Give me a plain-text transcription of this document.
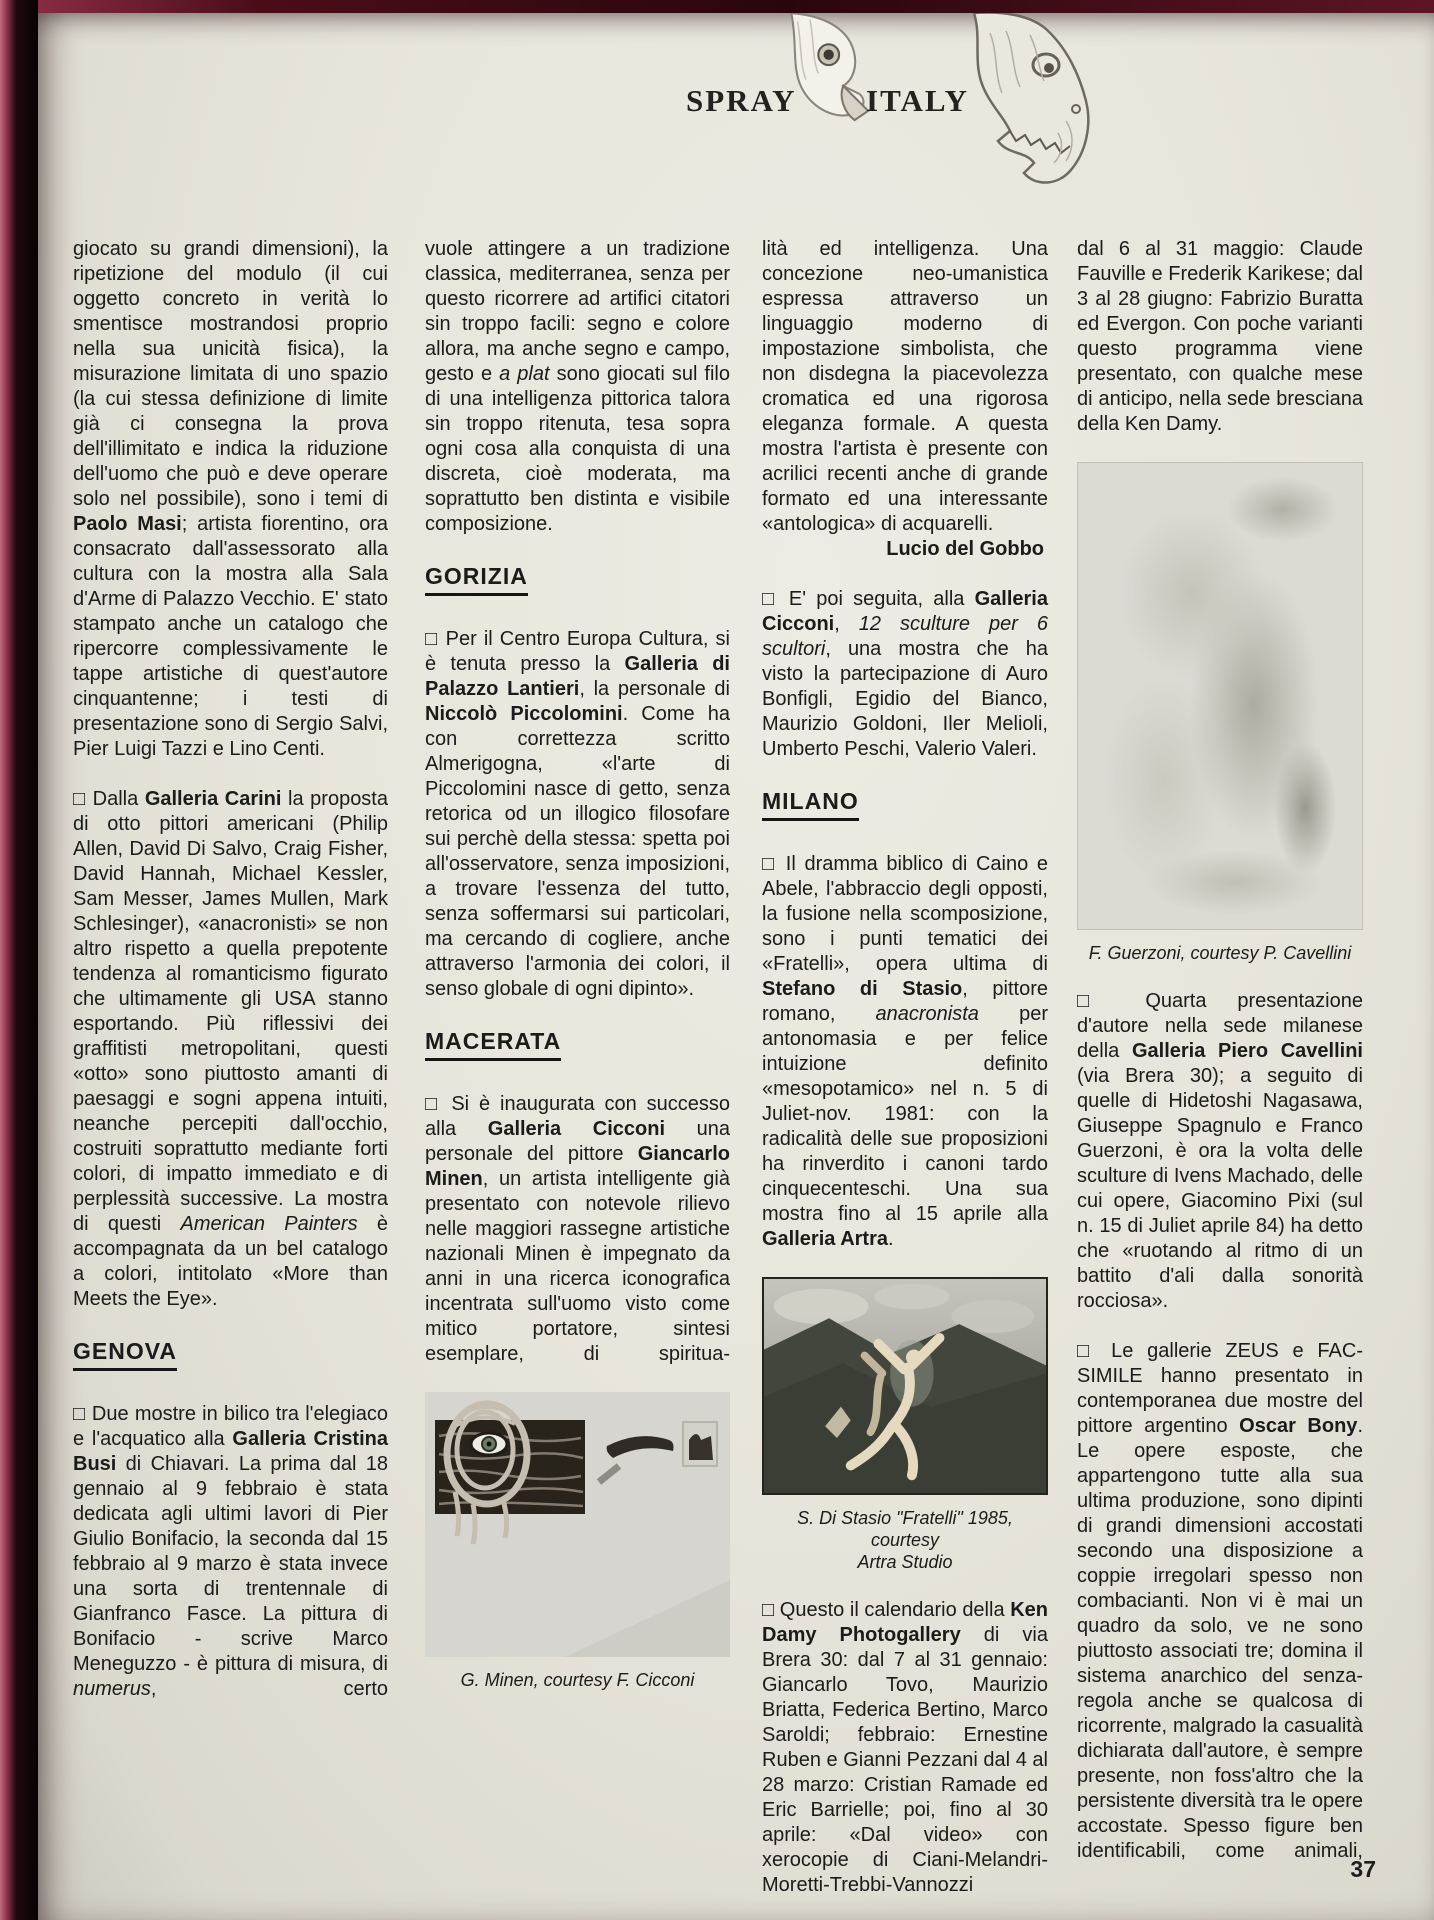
SPRAY ITALY

giocato su grandi dimensioni), la ripetizione del modulo (il cui oggetto concreto in verità lo smentisce mostrandosi proprio nella sua unicità fisica), la misurazione limitata di uno spazio (la cui stessa definizione di limite già ci consegna la prova dell'illimitato e indica la riduzione dell'uomo che può e deve operare solo nel possibile), sono i temi di Paolo Masi; artista fiorentino, ora consacrato dall'assessorato alla cultura con la mostra alla Sala d'Arme di Palazzo Vecchio. E' stato stampato anche un catalogo che ripercorre complessivamente le tappe artistiche di quest'autore cinquantenne; i testi di presentazione sono di Sergio Salvi, Pier Luigi Tazzi e Lino Centi.

□ Dalla Galleria Carini la proposta di otto pittori americani (Philip Allen, David Di Salvo, Craig Fisher, David Hannah, Michael Kessler, Sam Messer, James Mullen, Mark Schlesinger), «anacronisti» se non altro rispetto a quella prepotente tendenza al romanticismo figurato che ultimamente gli USA stanno esportando. Più riflessivi dei graffitisti metropolitani, questi «otto» sono piuttosto amanti di paesaggi e sogni appena intuiti, neanche percepiti dall'occhio, costruiti soprattutto mediante forti colori, di impatto immediato e di perplessità successive. La mostra di questi American Painters è accompagnata da un bel catalogo a colori, intitolato «More than Meets the Eye».

GENOVA

□ Due mostre in bilico tra l'elegiaco e l'acquatico alla Galleria Cristina Busi di Chiavari. La prima dal 18 gennaio al 9 febbraio è stata dedicata agli ultimi lavori di Pier Giulio Bonifacio, la seconda dal 15 febbraio al 9 marzo è stata invece una sorta di trentennale di Gianfranco Fasce. La pittura di Bonifacio - scrive Marco Meneguzzo - è pittura di misura, di numerus, certo

vuole attingere a un tradizione classica, mediterranea, senza per questo ricorrere ad artifici citatori sin troppo facili: segno e colore allora, ma anche segno e campo, gesto e a plat sono giocati sul filo di una intelligenza pittorica talora sin troppo ritenuta, tesa sopra ogni cosa alla conquista di una discreta, cioè moderata, ma soprattutto ben distinta e visibile composizione.

GORIZIA

□ Per il Centro Europa Cultura, si è tenuta presso la Galleria di Palazzo Lantieri, la personale di Niccolò Piccolomini. Come ha con correttezza scritto Almerigogna, «l'arte di Piccolomini nasce di getto, senza retorica od un illogico filosofare sui perchè della stessa: spetta poi all'osservatore, senza imposizioni, a trovare l'essenza del tutto, senza soffermarsi sui particolari, ma cercando di cogliere, anche attraverso l'armonia dei colori, il senso globale di ogni dipinto».

MACERATA

□ Si è inaugurata con successo alla Galleria Cicconi una personale del pittore Giancarlo Minen, un artista intelligente già presentato con notevole rilievo nelle maggiori rassegne artistiche nazionali Minen è impegnato da anni in una ricerca iconografica incentrata sull'uomo visto come mitico portatore, sintesi esemplare, di spiritua-

G. Minen, courtesy F. Cicconi

lità ed intelligenza. Una concezione neo-umanistica espressa attraverso un linguaggio moderno di impostazione simbolista, che non disdegna la piacevolezza cromatica ed una rigorosa eleganza formale. A questa mostra l'artista è presente con acrilici recenti anche di grande formato ed una interessante «antologica» di acquarelli.

Lucio del Gobbo

□ E' poi seguita, alla Galleria Cicconi, 12 sculture per 6 scultori, una mostra che ha visto la partecipazione di Auro Bonfigli, Egidio del Bianco, Maurizio Goldoni, Iler Melioli, Umberto Peschi, Valerio Valeri.

MILANO

□ Il dramma biblico di Caino e Abele, l'abbraccio degli opposti, la fusione nella scomposizione, sono i punti tematici dei «Fratelli», opera ultima di Stefano di Stasio, pittore romano, anacronista per antonomasia e per felice intuizione definito «mesopotamico» nel n. 5 di Juliet-nov. 1981: con la radicalità delle sue proposizioni ha rinverdito i canoni tardo cinquecenteschi. Una sua mostra fino al 15 aprile alla Galleria Artra.

S. Di Stasio "Fratelli" 1985, courtesy
Artra Studio

□ Questo il calendario della Ken Damy Photogallery di via Brera 30: dal 7 al 31 gennaio: Giancarlo Tovo, Maurizio Briatta, Federica Bertino, Marco Saroldi; febbraio: Ernestine Ruben e Gianni Pezzani dal 4 al 28 marzo: Cristian Ramade ed Eric Barrielle; poi, fino al 30 aprile: «Dal video» con xerocopie di Ciani-Melandri-Moretti-Trebbi-Vannozzi

dal 6 al 31 maggio: Claude Fauville e Frederik Karikese; dal 3 al 28 giugno: Fabrizio Buratta ed Evergon. Con poche varianti questo programma viene presentato, con qualche mese di anticipo, nella sede bresciana della Ken Damy.

F. Guerzoni, courtesy P. Cavellini

□ Quarta presentazione d'autore nella sede milanese della Galleria Piero Cavellini (via Brera 30); a seguito di quelle di Hidetoshi Nagasawa, Giuseppe Spagnulo e Franco Guerzoni, è ora la volta delle sculture di Ivens Machado, delle cui opere, Giacomino Pixi (sul n. 15 di Juliet aprile 84) ha detto che «ruotando al ritmo di un battito d'ali dalla sonorità rocciosa».

□ Le gallerie ZEUS e FAC-SIMILE hanno presentato in contemporanea due mostre del pittore argentino Oscar Bony. Le opere esposte, che appartengono tutte alla sua ultima produzione, sono dipinti di grandi dimensioni accostati secondo una disposizione a coppie irregolari spesso non combacianti. Non vi è mai un quadro da solo, ve ne sono piuttosto associati tre; domina il sistema anarchico del senza-regola anche se qualcosa di ricorrente, malgrado la casualità dichiarata dall'autore, è sempre presente, non foss'altro che la persistente diversità tra le opere accostate. Spesso figure ben identificabili, come animali,

37
